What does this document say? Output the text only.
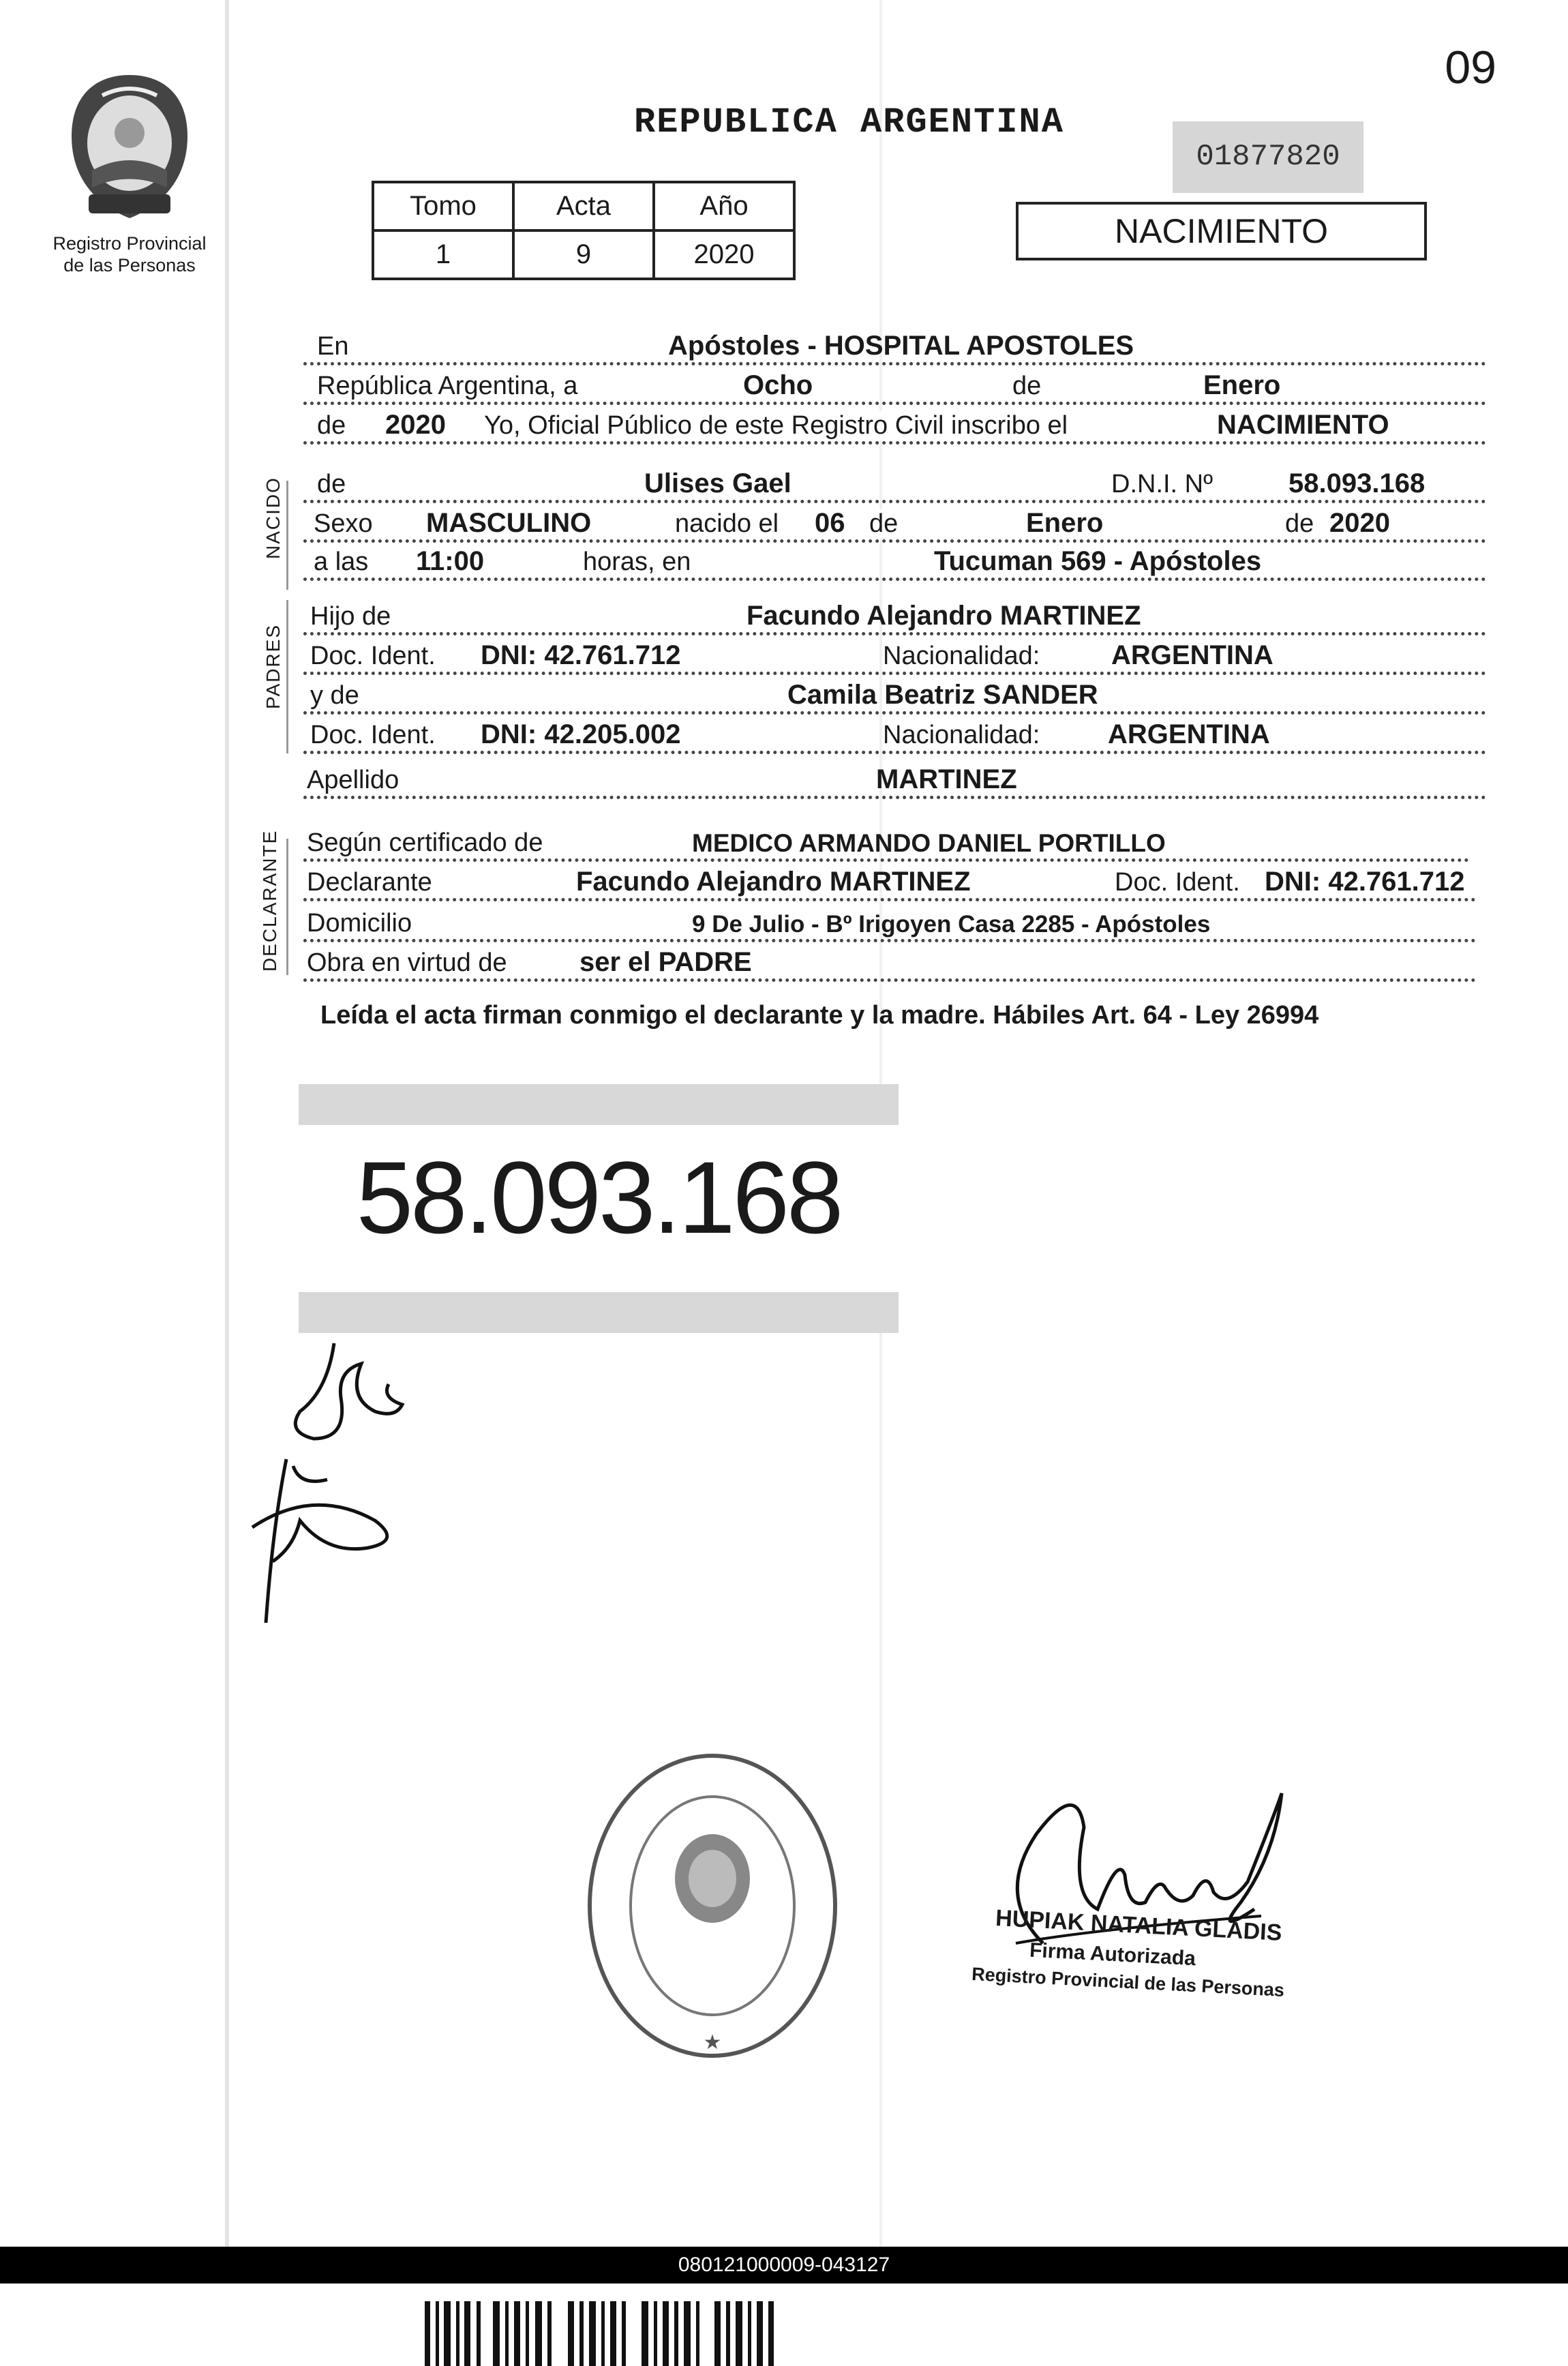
09
Registro Provincial de las Personas
REPUBLICA ARGENTINA
01877820
Tomo	Acta	Año
1	9	2020
NACIMIENTO
En	Apóstoles - HOSPITAL APOSTOLES
República Argentina, a	Ocho	de	Enero
de 2020 Yo, Oficial Público de este Registro Civil inscribo el	NACIMIENTO
NACIDO de	Ulises Gael	D.N.I. Nº	58.093.168
Sexo MASCULINO	nacido el 06 de	Enero	de 2020
a las 11:00	horas, en	Tucuman 569 - Apóstoles
PADRES
Hijo de	Facundo Alejandro MARTINEZ
Doc. Ident. DNI: 42.761.712	Nacionalidad:	ARGENTINA
y de	Camila Beatriz SANDER
Doc. Ident. DNI: 42.205.002	Nacionalidad: ARGENTINA
Apellido	MARTINEZ
DECLARANTE Según certificado de	MEDICO ARMANDO DANIEL PORTILLO
Declarante	Facundo Alejandro MARTINEZ	Doc. Ident. DNI: 42.761.712
Domicilio	9 De Julio - Bº Irigoyen Casa 2285 - Apóstoles
Obra en virtud de	ser el PADRE
Leída el acta firman conmigo el declarante y la madre. Hábiles Art. 64 - Ley 26994
58.093.168
★
HUPIAK NATALIA GLADIS
Firma Autorizada
Registro Provincial de las Personas
080121000009-043127
